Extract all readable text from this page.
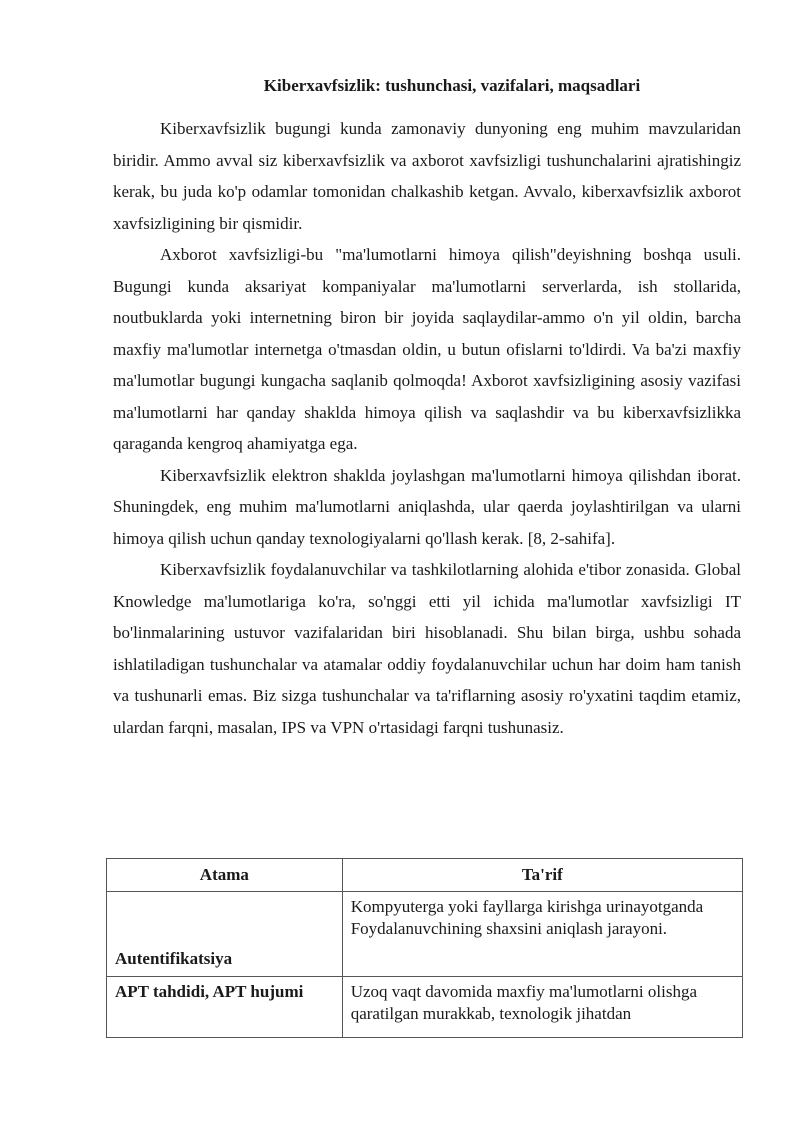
Kiberxavfsizlik: tushunchasi, vazifalari, maqsadlari

Kiberxavfsizlik bugungi kunda zamonaviy dunyoning eng muhim mavzularidan biridir. Ammo avval siz kiberxavfsizlik va axborot xavfsizligi tushunchalarini ajratishingiz kerak, bu juda ko'p odamlar tomonidan chalkashib ketgan. Avvalo, kiberxavfsizlik axborot xavfsizligining bir qismidir.

Axborot xavfsizligi-bu "ma'lumotlarni himoya qilish"deyishning boshqa usuli. Bugungi kunda aksariyat kompaniyalar ma'lumotlarni serverlarda, ish stollarida, noutbuklarda yoki internetning biron bir joyida saqlaydilar-ammo o'n yil oldin, barcha maxfiy ma'lumotlar internetga o'tmasdan oldin, u butun ofislarni to'ldirdi. Va ba'zi maxfiy ma'lumotlar bugungi kungacha saqlanib qolmoqda! Axborot xavfsizligining asosiy vazifasi ma'lumotlarni har qanday shaklda himoya qilish va saqlashdir va bu kiberxavfsizlikka qaraganda kengroq ahamiyatga ega.

Kiberxavfsizlik elektron shaklda joylashgan ma'lumotlarni himoya qilishdan iborat. Shuningdek, eng muhim ma'lumotlarni aniqlashda, ular qaerda joylashtirilgan va ularni himoya qilish uchun qanday texnologiyalarni qo'llash kerak. [8, 2-sahifa].

Kiberxavfsizlik foydalanuvchilar va tashkilotlarning alohida e'tibor zonasida. Global Knowledge ma'lumotlariga ko'ra, so'nggi etti yil ichida ma'lumotlar xavfsizligi IT bo'linmalarining ustuvor vazifalaridan biri hisoblanadi. Shu bilan birga, ushbu sohada ishlatiladigan tushunchalar va atamalar oddiy foydalanuvchilar uchun har doim ham tanish va tushunarli emas. Biz sizga tushunchalar va ta'riflarning asosiy ro'yxatini taqdim etamiz, ulardan farqni, masalan, IPS va VPN o'rtasidagi farqni tushunasiz.

Atama	Ta'rif
Autentifikatsiya	Kompyuterga yoki fayllarga kirishga urinayotganda Foydalanuvchining shaxsini aniqlash jarayoni.
APT tahdidi, APT hujumi	Uzoq vaqt davomida maxfiy ma'lumotlarni olishga qaratilgan murakkab, texnologik jihatdan
